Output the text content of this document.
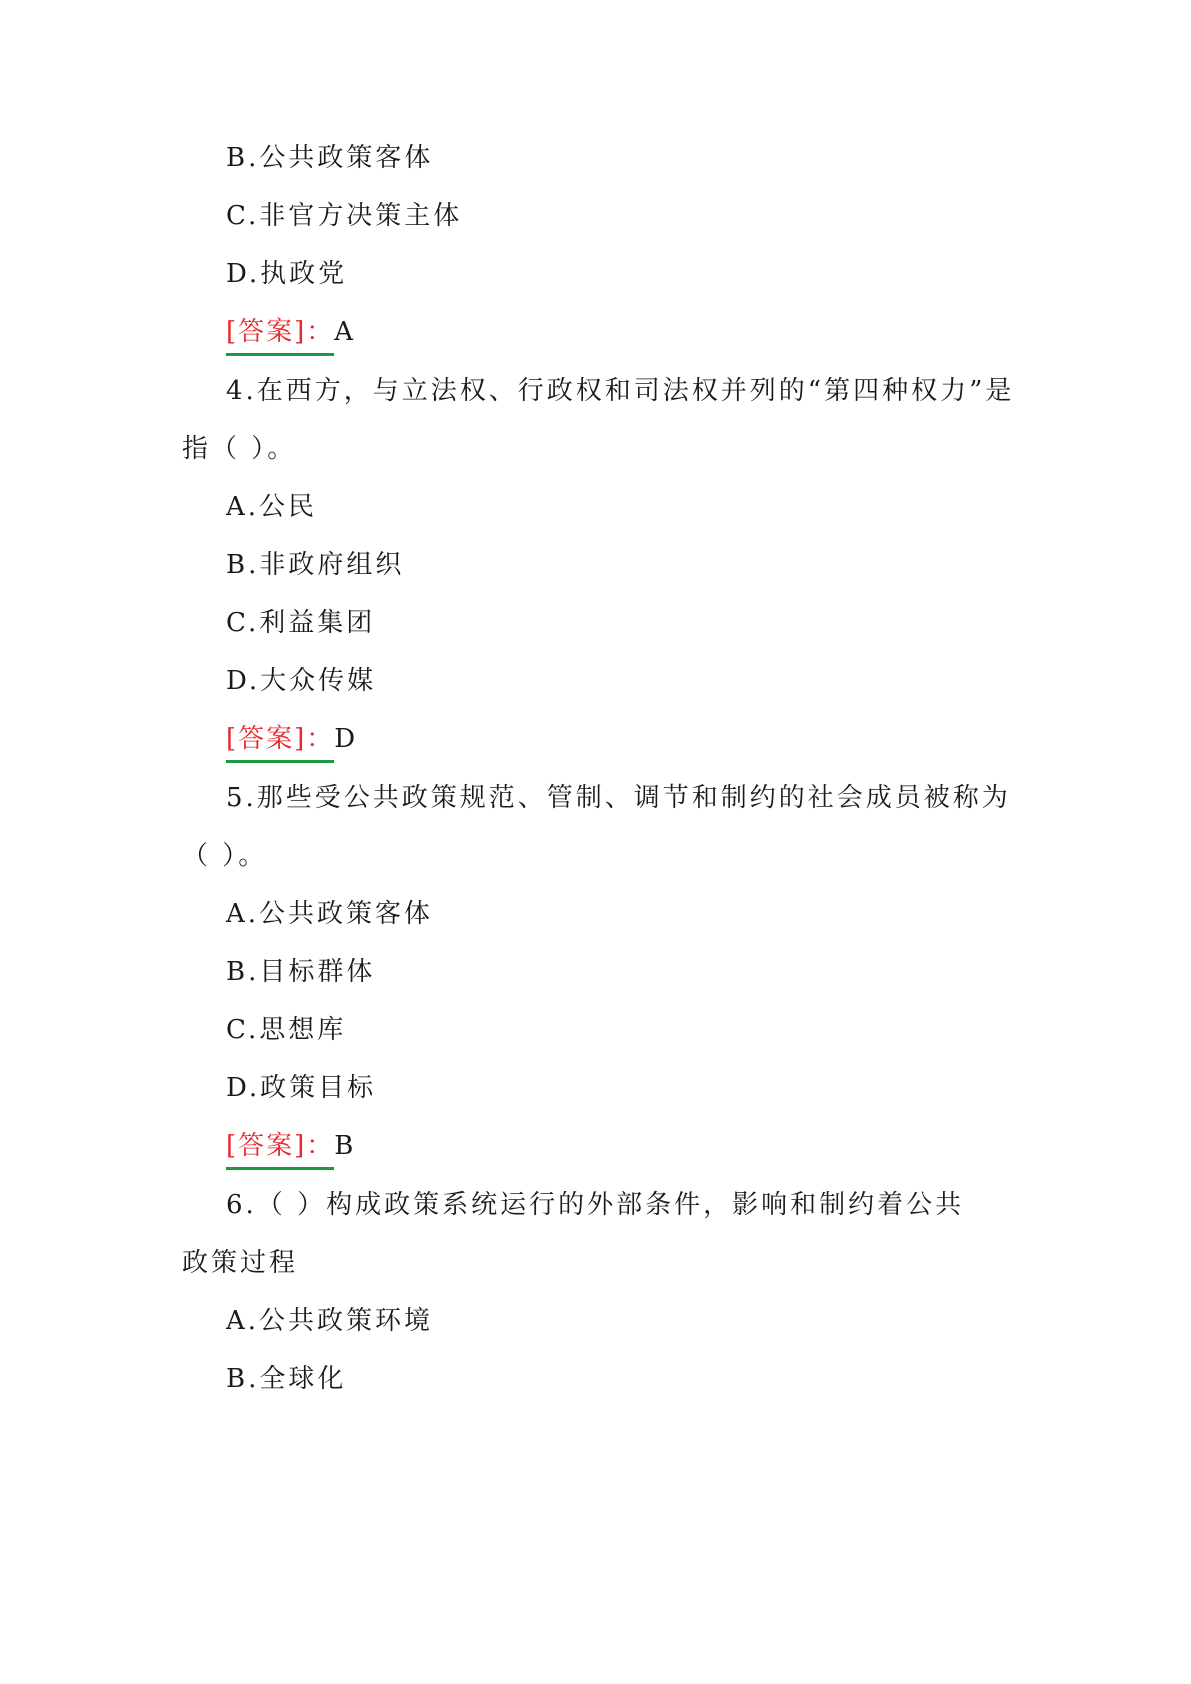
B.公共政策客体
C.非官方决策主体
D.执政党
[答案]：A
4.在西方，与立法权、行政权和司法权并列的“第四种权力”是
指（ ）。
A.公民
B.非政府组织
C.利益集团
D.大众传媒
[答案]：D
5.那些受公共政策规范、管制、调节和制约的社会成员被称为
（ ）。
A.公共政策客体
B.目标群体
C.思想库
D.政策目标
[答案]：B
6.（ ）构成政策系统运行的外部条件，影响和制约着公共
政策过程
A.公共政策环境
B.全球化
